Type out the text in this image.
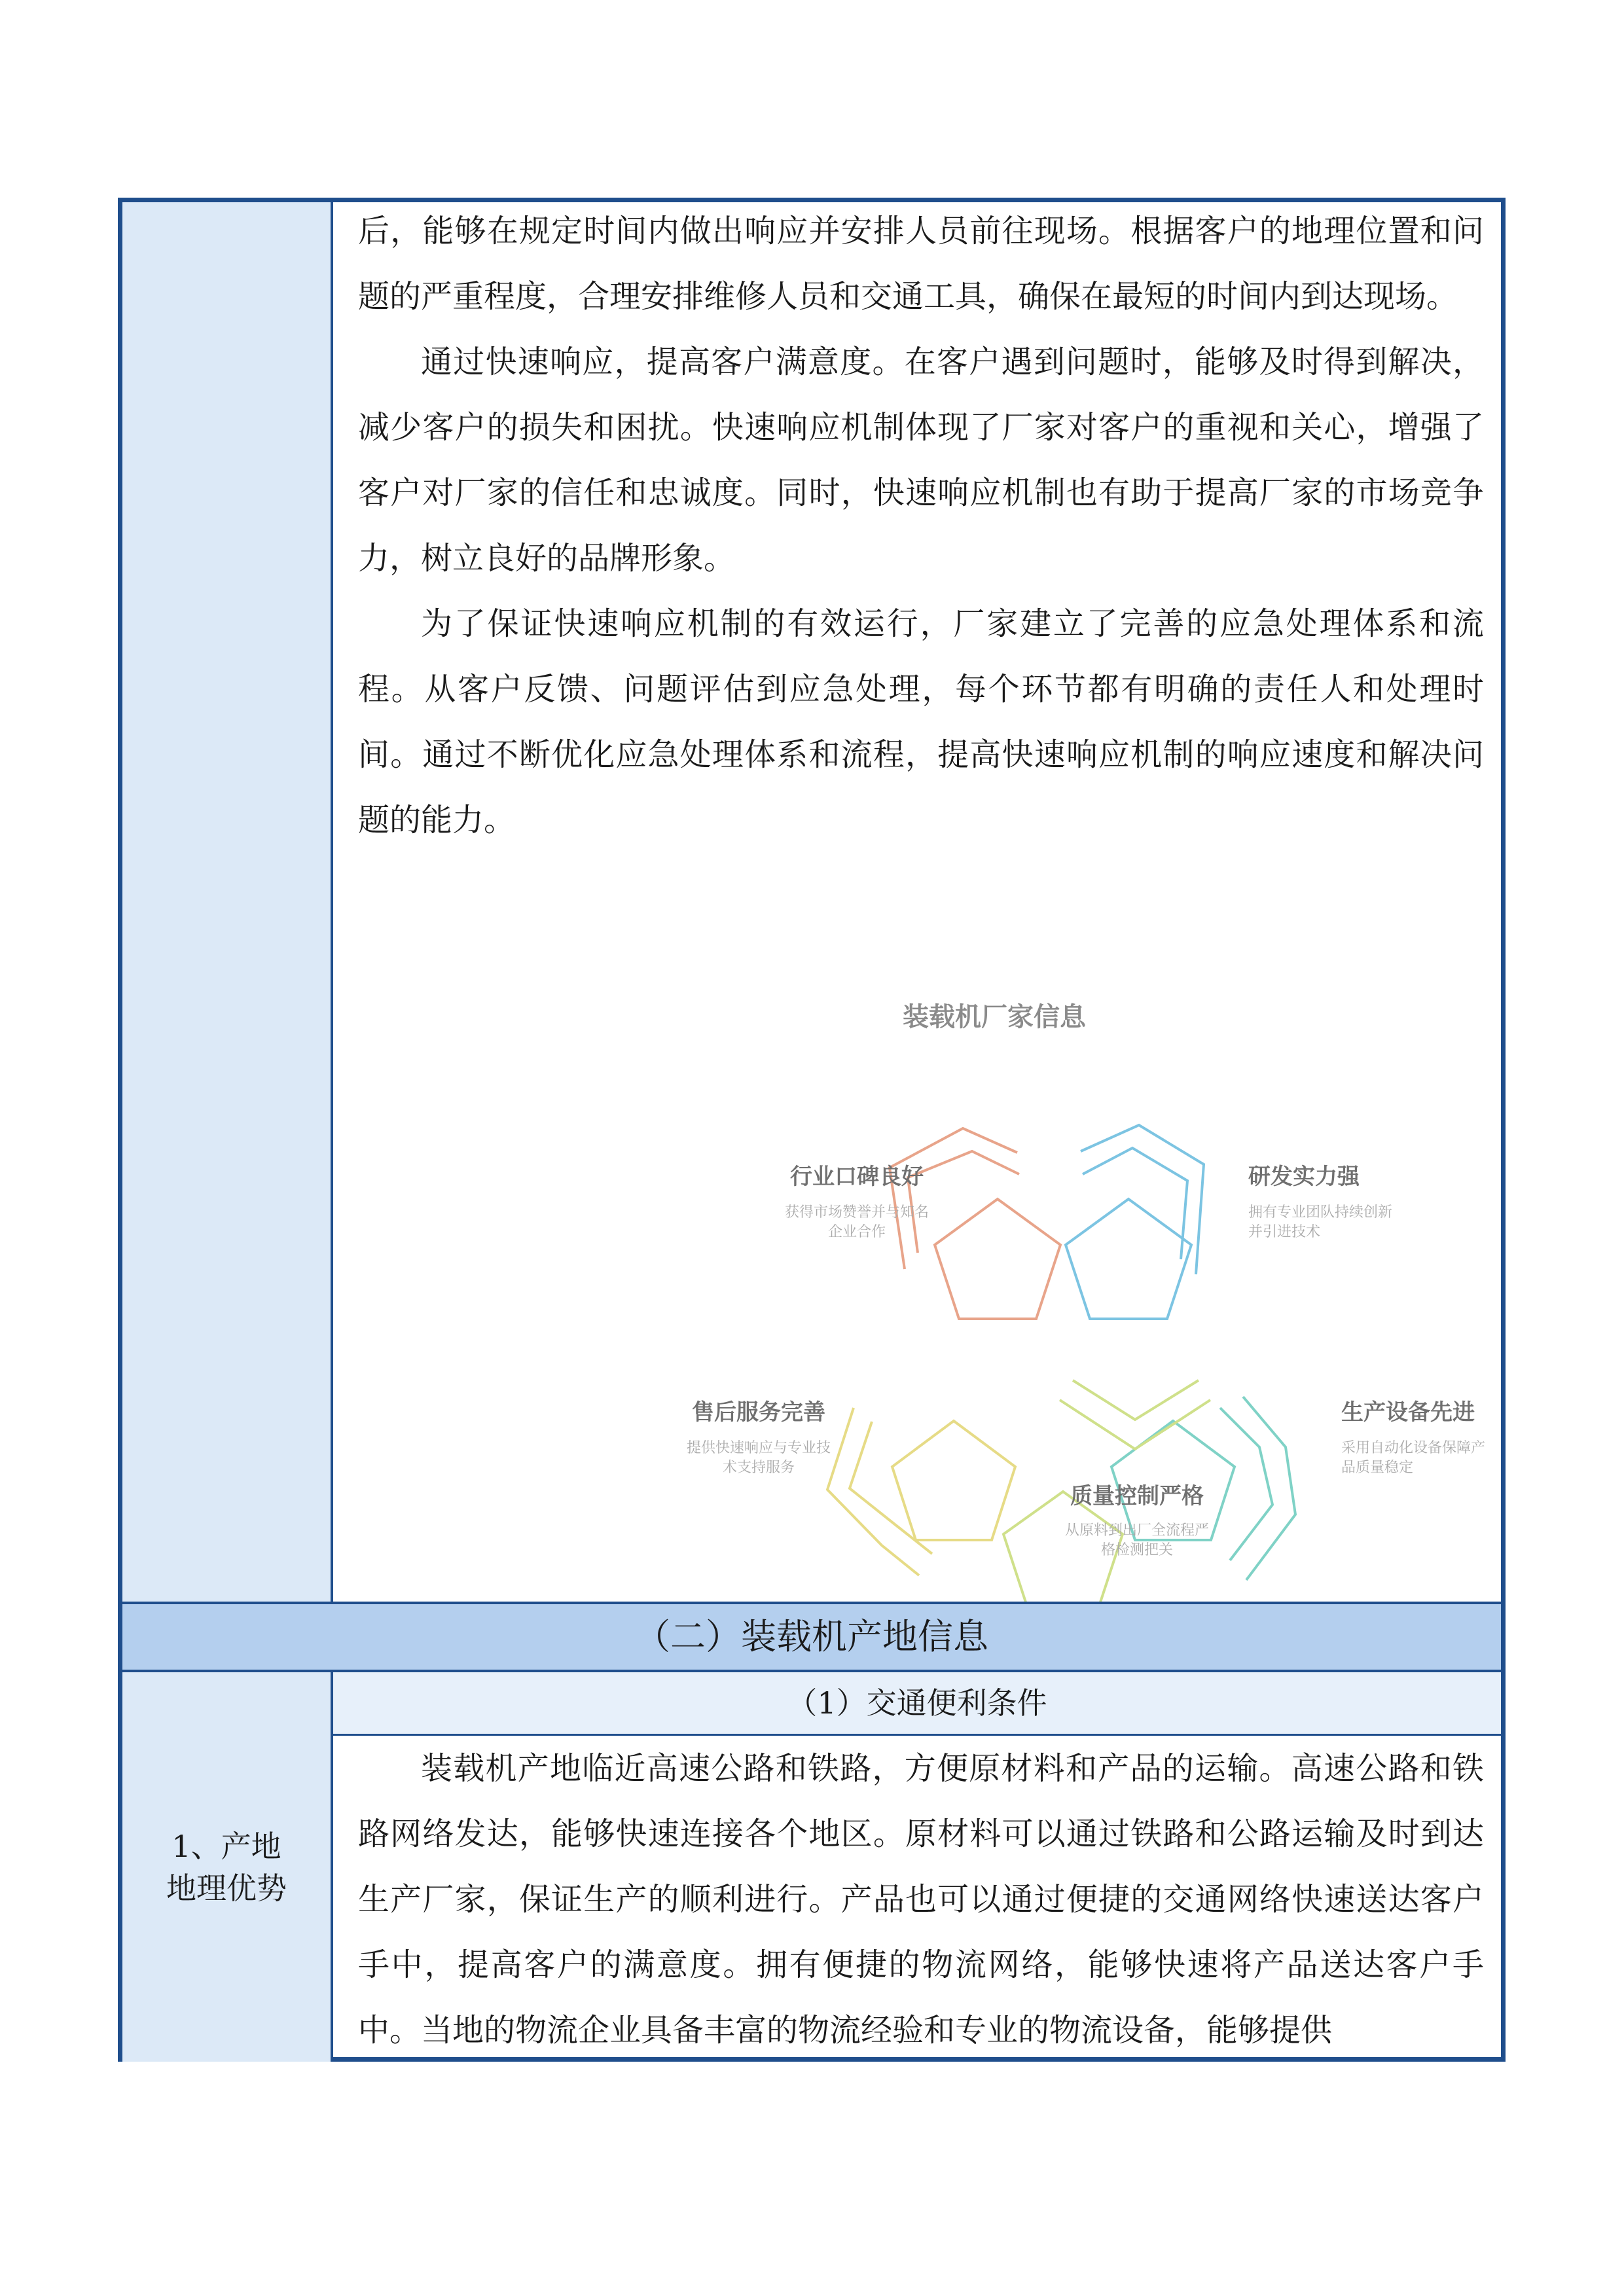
后，能够在规定时间内做出响应并安排人员前往现场。根据客户的地理位置和问题的严重程度，合理安排维修人员和交通工具，确保在最短的时间内到达现场。

通过快速响应，提高客户满意度。在客户遇到问题时，能够及时得到解决，减少客户的损失和困扰。快速响应机制体现了厂家对客户的重视和关心，增强了客户对厂家的信任和忠诚度。同时，快速响应机制也有助于提高厂家的市场竞争力，树立良好的品牌形象。

为了保证快速响应机制的有效运行，厂家建立了完善的应急处理体系和流程。从客户反馈、问题评估到应急处理，每个环节都有明确的责任人和处理时间。通过不断优化应急处理体系和流程，提高快速响应机制的响应速度和解决问题的能力。

装载机厂家信息
行业口碑良好
获得市场赞誉并与知名
企业合作
研发实力强
拥有专业团队持续创新
并引进技术
售后服务完善
提供快速响应与专业技
术支持服务
生产设备先进
采用自动化设备保障产
品质量稳定
（二）装载机产地信息
1、产地地理优势
（1）交通便利条件

装载机产地临近高速公路和铁路，方便原材料和产品的运输。高速公路和铁路网络发达，能够快速连接各个地区。原材料可以通过铁路和公路运输及时到达生产厂家，保证生产的顺利进行。产品也可以通过便捷的交通网络快速送达客户手中，提高客户的满意度。拥有便捷的物流网络，能够快速将产品送达客户手中。当地的物流企业具备丰富的物流经验和专业的物流设备，能够提供

质量控制严格
从原料到出厂全流程严
格检测把关
